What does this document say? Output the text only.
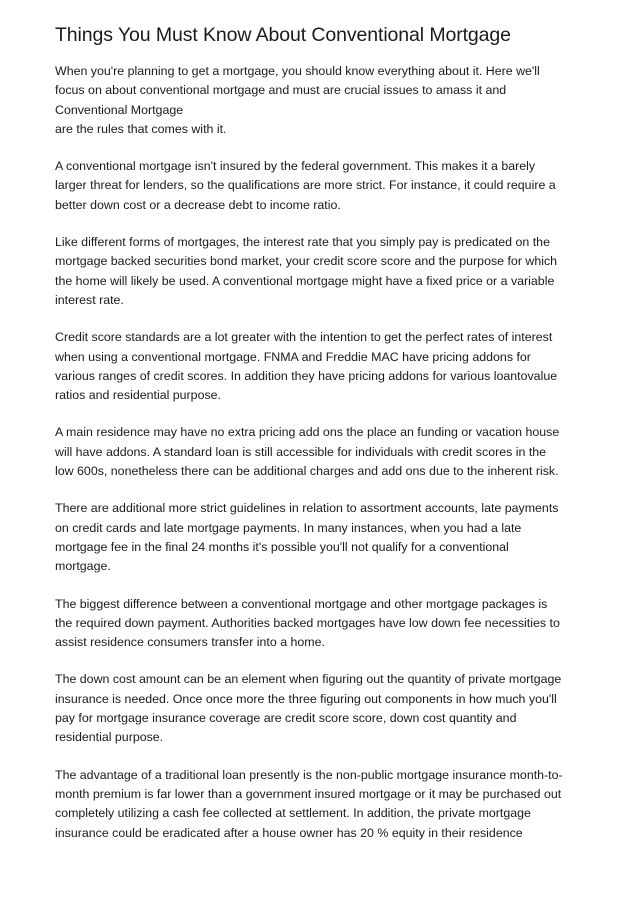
Things You Must Know About Conventional Mortgage

When you're planning to get a mortgage, you should know everything about it. Here we'll
focus on about conventional mortgage and must are crucial issues to amass it and
Conventional Mortgage
are the rules that comes with it.

A conventional mortgage isn't insured by the federal government. This makes it a barely
larger threat for lenders, so the qualifications are more strict. For instance, it could require a
better down cost or a decrease debt to income ratio.

Like different forms of mortgages, the interest rate that you simply pay is predicated on the
mortgage backed securities bond market, your credit score score and the purpose for which
the home will likely be used. A conventional mortgage might have a fixed price or a variable
interest rate.

Credit score standards are a lot greater with the intention to get the perfect rates of interest
when using a conventional mortgage. FNMA and Freddie MAC have pricing addons for
various ranges of credit scores. In addition they have pricing addons for various loantovalue
ratios and residential purpose.

A main residence may have no extra pricing add ons the place an funding or vacation house
will have addons. A standard loan is still accessible for individuals with credit scores in the
low 600s, nonetheless there can be additional charges and add ons due to the inherent risk.

There are additional more strict guidelines in relation to assortment accounts, late payments
on credit cards and late mortgage payments. In many instances, when you had a late
mortgage fee in the final 24 months it's possible you'll not qualify for a conventional
mortgage.

The biggest difference between a conventional mortgage and other mortgage packages is
the required down payment. Authorities backed mortgages have low down fee necessities to
assist residence consumers transfer into a home.

The down cost amount can be an element when figuring out the quantity of private mortgage
insurance is needed. Once once more the three figuring out components in how much you'll
pay for mortgage insurance coverage are credit score score, down cost quantity and
residential purpose.

The advantage of a traditional loan presently is the non-public mortgage insurance month-to-
month premium is far lower than a government insured mortgage or it may be purchased out
completely utilizing a cash fee collected at settlement. In addition, the private mortgage
insurance could be eradicated after a house owner has 20 % equity in their residence
